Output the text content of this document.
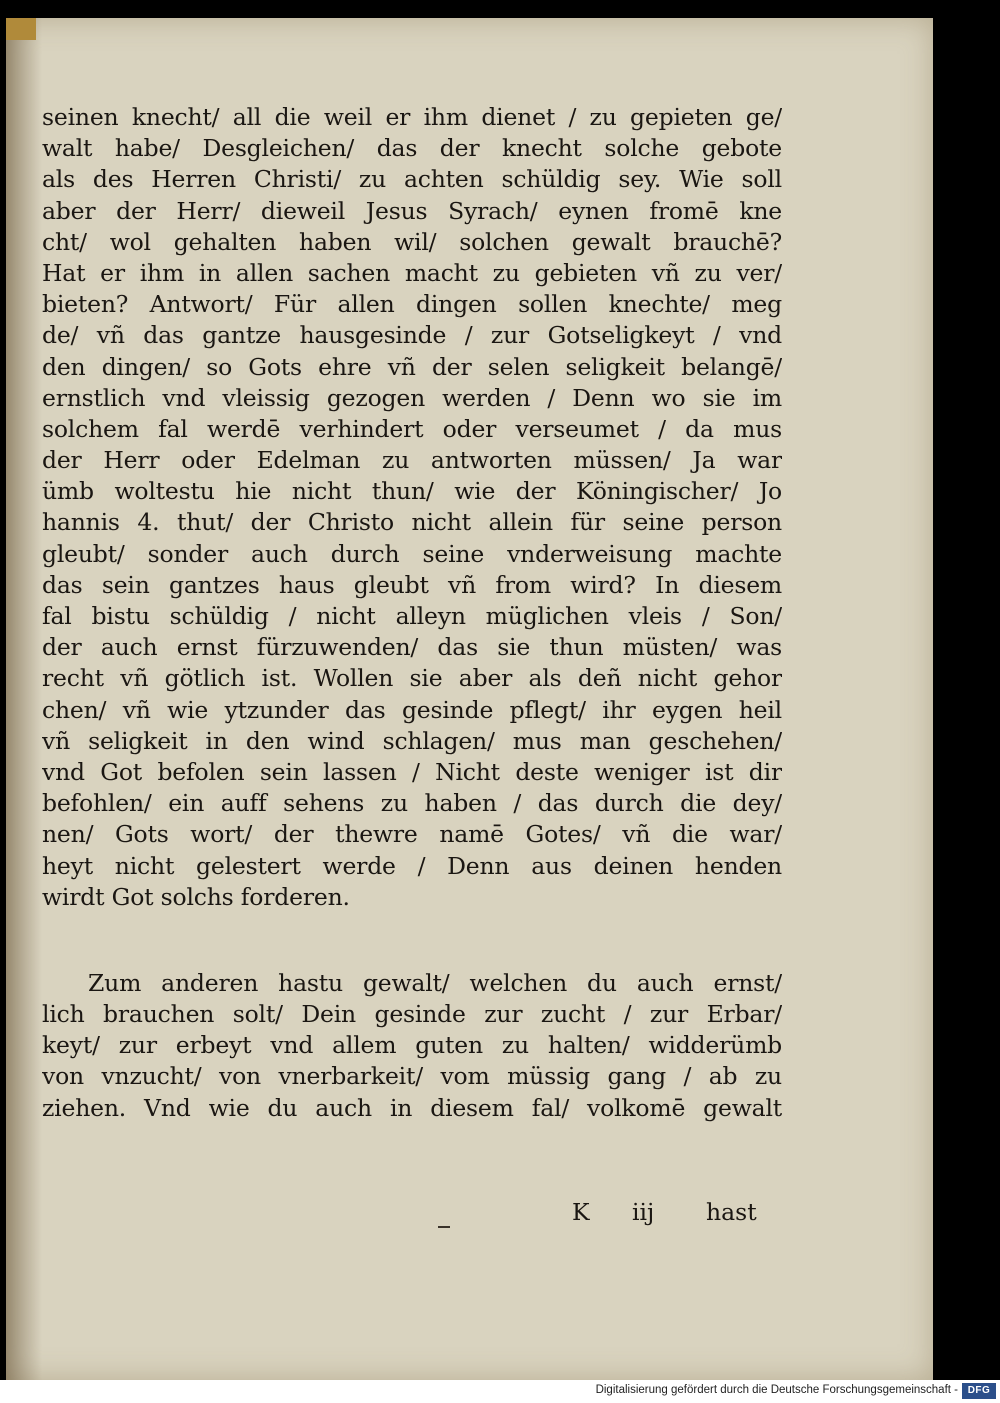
seinen knecht/ all die weil er ihm dienet / zu gepieten ge/
walt habe/ Desgleichen/ das der knecht solche gebote
als des Herren Christi/ zu achten schüldig sey. Wie soll
aber der Herr/ dieweil Jesus Syrach/ eynen fromē kne
cht/ wol gehalten haben wil/ solchen gewalt brauchē?
Hat er ihm in allen sachen macht zu gebieten vñ zu ver/
bieten? Antwort/ Für allen dingen sollen knechte/ meg
de/ vñ das gantze hausgesinde / zur Gotseligkeyt / vnd
den dingen/ so Gots ehre vñ der selen seligkeit belangē/
ernstlich vnd vleissig gezogen werden / Denn wo sie im
solchem fal werdē verhindert oder verseumet / da mus
der Herr oder Edelman zu antworten müssen/ Ja war
ümb woltestu hie nicht thun/ wie der Köningischer/ Jo
hannis 4. thut/ der Christo nicht allein für seine person
gleubt/ sonder auch durch seine vnderweisung machte
das sein gantzes haus gleubt vñ from wird? In diesem
fal bistu schüldig / nicht alleyn müglichen vleis / Son/
der auch ernst fürzuwenden/ das sie thun müsten/ was
recht vñ götlich ist. Wollen sie aber als deñ nicht gehor
chen/ vñ wie ytzunder das gesinde pflegt/ ihr eygen heil
vñ seligkeit in den wind schlagen/ mus man geschehen/
vnd Got befolen sein lassen / Nicht deste weniger ist dir
befohlen/ ein auff sehens zu haben / das durch die dey/
nen/ Gots wort/ der thewre namē Gotes/ vñ die war/
heyt nicht gelestert werde / Denn aus deinen henden
wirdt Got solchs forderen.
Zum anderen hastu gewalt/ welchen du auch ernst/
lich brauchen solt/ Dein gesinde zur zucht / zur Erbar/
keyt/ zur erbeyt vnd allem guten zu halten/ widderümb
von vnzucht/ von vnerbarkeit/ vom müssig gang / ab zu
ziehen. Vnd wie du auch in diesem fal/ volkomē gewalt
K iij hast
Digitalisierung gefördert durch die Deutsche Forschungsgemeinschaft - DFG
